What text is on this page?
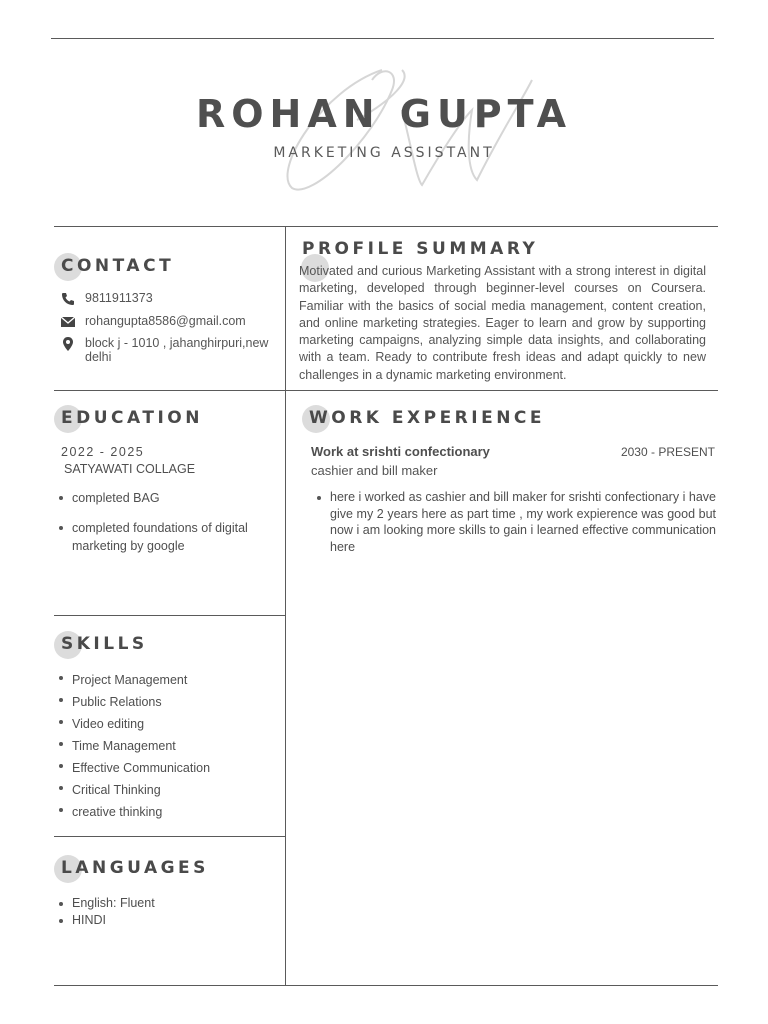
ROHAN GUPTA
MARKETING ASSISTANT
CONTACT
9811911373
rohangupta8586@gmail.com
block j - 1010 , jahanghirpuri,new delhi
PROFILE SUMMARY
Motivated and curious Marketing Assistant with a strong interest in digital marketing, developed through beginner-level courses on Coursera. Familiar with the basics of social media management, content creation, and online marketing strategies. Eager to learn and grow by supporting marketing campaigns, analyzing simple data insights, and collaborating with a team. Ready to contribute fresh ideas and adapt quickly to new challenges in a dynamic marketing environment.
EDUCATION
2022 - 2025
SATYAWATI COLLAGE
completed BAG
completed foundations of digital marketing by google
WORK EXPERIENCE
Work at srishti confectionary	2030 - PRESENT
cashier and bill maker
here i worked as cashier and bill maker for srishti confectionary i have give my 2 years here as part time , my work expierence was good but now i am looking more skills to gain i learned effective communication here
SKILLS
Project Management
Public Relations
Video editing
Time Management
Effective Communication
Critical Thinking
creative thinking
LANGUAGES
English: Fluent
HINDI
